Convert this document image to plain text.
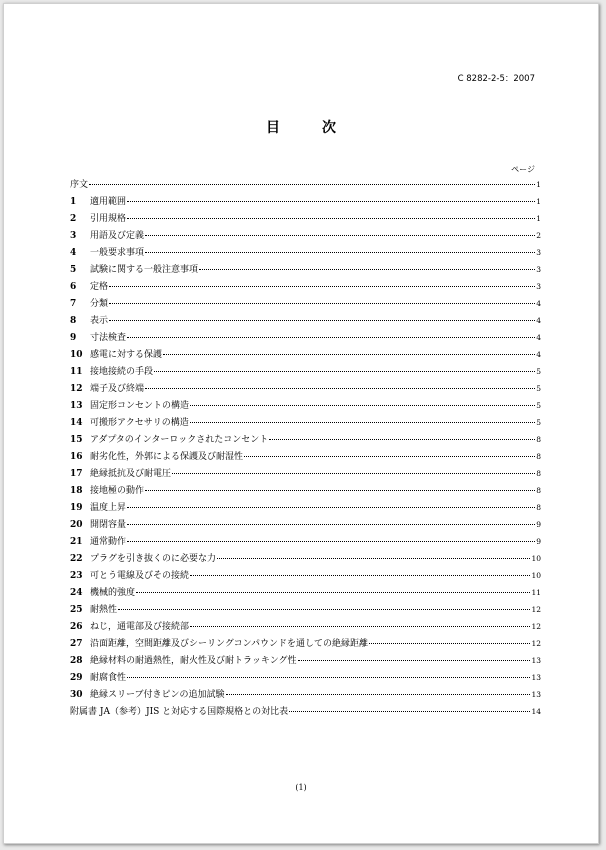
C 8282-2-5：2007
目　次
ページ
序文	1
1	適用範囲	1
2	引用規格	1
3	用語及び定義	2
4	一般要求事項	3
5	試験に関する一般注意事項	3
6	定格	3
7	分類	4
8	表示	4
9	寸法検査	4
10 感電に対する保護	4
11 接地接続の手段	5
12 端子及び終端	5
13 固定形コンセントの構造	5
14 可搬形アクセサリの構造	5
15 アダプタのインターロックされたコンセント	8
16 耐劣化性，外郭による保護及び耐湿性	8
17 絶縁抵抗及び耐電圧	8
18 接地極の動作	8
19 温度上昇	8
20 開閉容量	9
21 通常動作	9
22 プラグを引き抜くのに必要な力	10
23 可とう電線及びその接続	10
24 機械的強度	11
25 耐熱性	12
26 ねじ，通電部及び接続部	12
27 沿面距離，空間距離及びシーリングコンパウンドを通しての絶縁距離	12
28 絶縁材料の耐過熱性，耐火性及び耐トラッキング性	13
29 耐腐食性	13
30 絶縁スリーブ付きピンの追加試験	13
附属書 JA（参考）JIS と対応する国際規格との対比表	14
(1)
